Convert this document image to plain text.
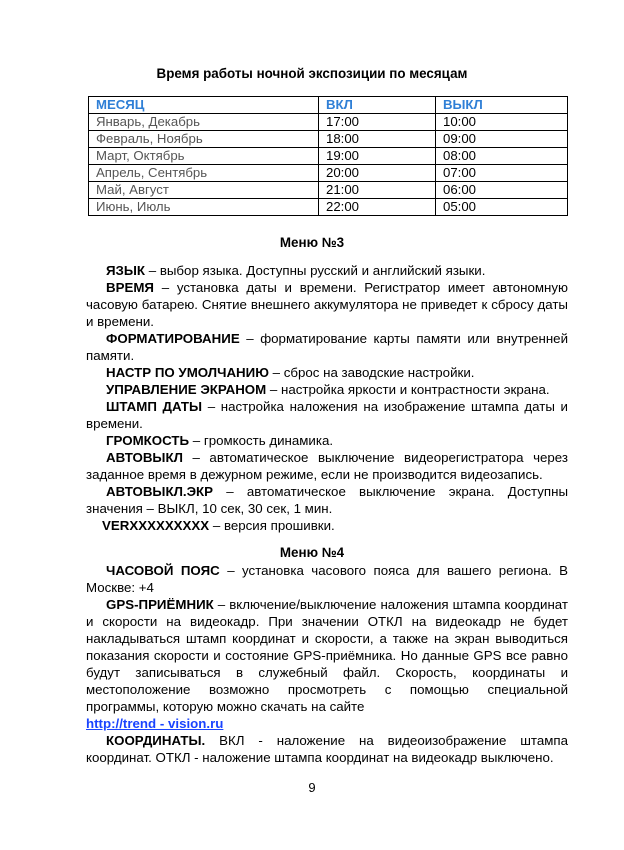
Время работы ночной экспозиции по месяцам
МЕСЯЦ	ВКЛ	ВЫКЛ
Январь, Декабрь	17:00	10:00
Февраль, Ноябрь	18:00	09:00
Март, Октябрь	19:00	08:00
Апрель, Сентябрь	20:00	07:00
Май, Август	21:00	06:00
Июнь, Июль	22:00	05:00
Меню №3

ЯЗЫК – выбор языка. Доступны русский и английский языки.

ВРЕМЯ – установка даты и времени. Регистратор имеет автономную часовую батарею. Снятие внешнего аккумулятора не приведет к сбросу даты и времени.

ФОРМАТИРОВАНИЕ – форматирование карты памяти или внутренней памяти.

НАСТР ПО УМОЛЧАНИЮ – сброс на заводские настройки.

УПРАВЛЕНИЕ ЭКРАНОМ – настройка яркости и контрастности экрана.

ШТАМП ДАТЫ – настройка наложения на изображение штампа даты и времени.

ГРОМКОСТЬ – громкость динамика.

АВТОВЫКЛ – автоматическое выключение видеорегистратора через заданное время в дежурном режиме, если не производится видеозапись.

АВТОВЫКЛ.ЭКР – автоматическое выключение экрана. Доступны значения – ВЫКЛ, 10 сек, 30 сек, 1 мин.

VERXXXXXXXXX – версия прошивки.

Меню №4

ЧАСОВОЙ ПОЯС – установка часового пояса для вашего региона. В Москве: +4

GPS-ПРИЁМНИК – включение/выключение наложения штампа координат и скорости на видеокадр. При значении ОТКЛ на видеокадр не будет накладываться штамп координат и скорости, а также на экран выводиться показания скорости и состояние GPS-приёмника. Но данные GPS все равно будут записываться в служебный файл. Скорость, координаты и местоположение возможно просмотреть с помощью специальной программы, которую можно скачать на сайте

http://trend - vision.ru

КООРДИНАТЫ. ВКЛ - наложение на видеоизображение штампа координат. ОТКЛ - наложение штампа координат на видеокадр выключено.

9
